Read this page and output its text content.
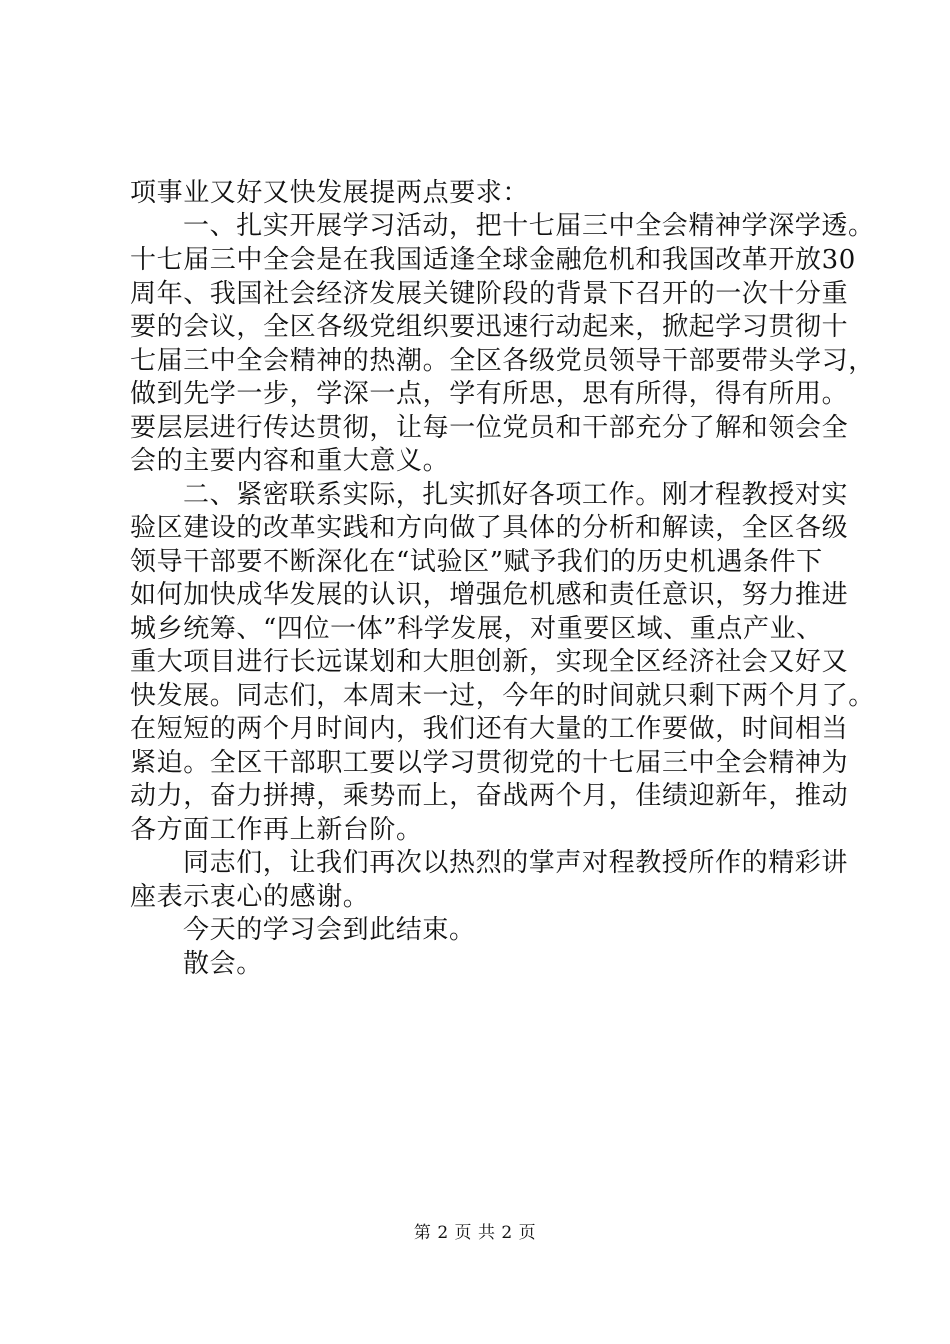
项事业又好又快发展提两点要求：
一、扎实开展学习活动，把十七届三中全会精神学深学透。
十七届三中全会是在我国适逢全球金融危机和我国改革开放30
周年、我国社会经济发展关键阶段的背景下召开的一次十分重
要的会议，全区各级党组织要迅速行动起来，掀起学习贯彻十
七届三中全会精神的热潮。全区各级党员领导干部要带头学习，
做到先学一步，学深一点，学有所思，思有所得，得有所用。
要层层进行传达贯彻，让每一位党员和干部充分了解和领会全
会的主要内容和重大意义。
二、紧密联系实际，扎实抓好各项工作。刚才程教授对实
验区建设的改革实践和方向做了具体的分析和解读，全区各级
领导干部要不断深化在“试验区”赋予我们的历史机遇条件下
如何加快成华发展的认识，增强危机感和责任意识，努力推进
城乡统筹、“四位一体”科学发展，对重要区域、重点产业、
重大项目进行长远谋划和大胆创新，实现全区经济社会又好又
快发展。同志们，本周末一过，今年的时间就只剩下两个月了。
在短短的两个月时间内，我们还有大量的工作要做，时间相当
紧迫。全区干部职工要以学习贯彻党的十七届三中全会精神为
动力，奋力拼搏，乘势而上，奋战两个月，佳绩迎新年，推动
各方面工作再上新台阶。
同志们，让我们再次以热烈的掌声对程教授所作的精彩讲
座表示衷心的感谢。
今天的学习会到此结束。
散会。
第 2 页 共 2 页
